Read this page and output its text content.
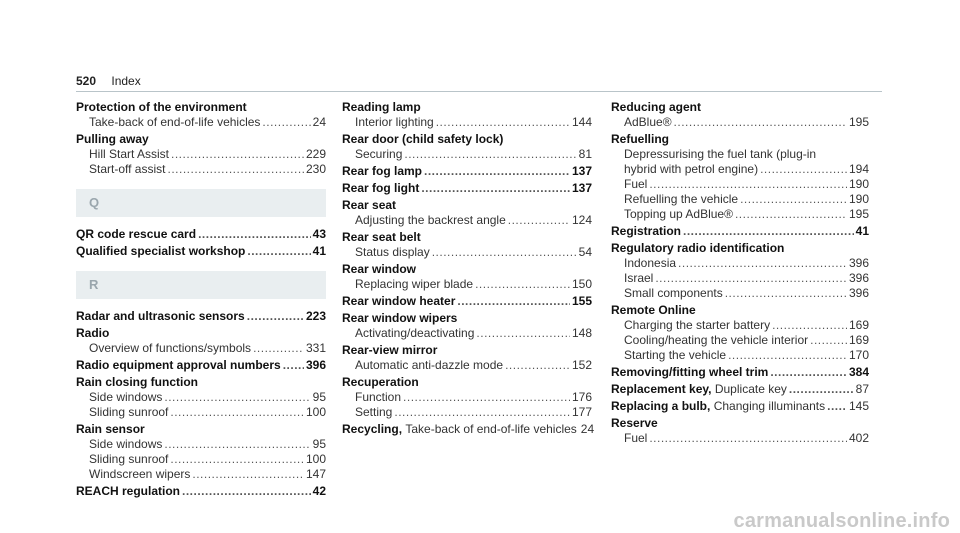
520 Index
Protection of the environment
Take-back of end-of-life vehicles .....	24
Pulling away
Hill Start Assist .....	229
Start-off assist .....	230
Q
QR code rescue card .....	43
Qualified specialist workshop .....	41
R
Radar and ultrasonic sensors .....	223
Radio
Overview of functions/symbols .....	331
Radio equipment approval numbers ..... 396
Rain closing function
Side windows .....	95
Sliding sunroof .....	100
Rain sensor
Side windows .....	95
Sliding sunroof .....	100
Windscreen wipers .....	147
REACH regulation .....	42
Reading lamp
Interior lighting .....	144
Rear door (child safety lock)
Securing .....	81
Rear fog lamp .....	137
Rear fog light .....	137
Rear seat
Adjusting the backrest angle .....	124
Rear seat belt
Status display .....	54
Rear window
Replacing wiper blade .....	150
Rear window heater .....	155
Rear window wipers
Activating/deactivating .....	148
Rear-view mirror
Automatic anti-dazzle mode .....	152
Recuperation
Function .....	176
Setting .....	177
Recycling,
Take-back of end-of-life vehicles 24
Reducing agent
AdBlue® .....	195
Refuelling
Depressurising the fuel tank (plug-in
hybrid with petrol engine) .....	194
Fuel .....	190
Refuelling the vehicle .....	190
Topping up AdBlue® .....	195
Registration .....	41
Regulatory radio identification
Indonesia .....	396
Israel .....	396
Small components .....	396
Remote Online
Charging the starter battery .....	169
Cooling/heating the vehicle interior .....	169
Starting the vehicle .....	170
Removing/fitting wheel trim .....	384
Replacement key,
Duplicate key .....	87
Replacing a bulb,
Changing illuminants ..... 145
Reserve
Fuel .....	402
carmanualsonline.info
